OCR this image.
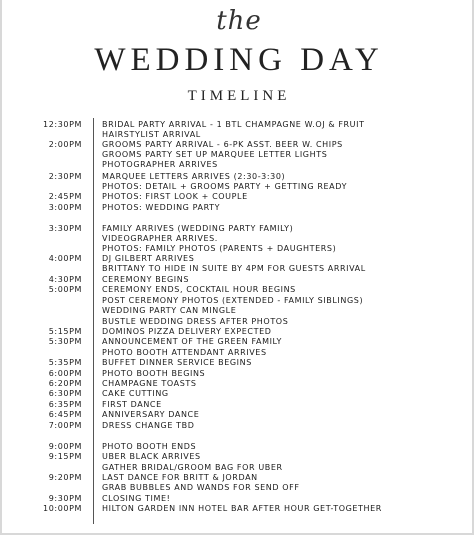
the
WEDDING DAY
TIMELINE
12:30PM	BRIDAL PARTY ARRIVAL - 1 BTL CHAMPAGNE W.OJ & FRUIT
HAIRSTYLIST ARRIVAL
2:00PM	GROOMS PARTY ARRIVAL - 6-PK ASST. BEER W. CHIPS
GROOMS PARTY SET UP MARQUEE LETTER LIGHTS
PHOTOGRAPHER ARRIVES
2:30PM	MARQUEE LETTERS ARRIVES (2:30-3:30)
PHOTOS: DETAIL + GROOMS PARTY + GETTING READY
2:45PM	PHOTOS: FIRST LOOK + COUPLE
3:00PM	PHOTOS: WEDDING PARTY
3:30PM	FAMILY ARRIVES (WEDDING PARTY FAMILY)
VIDEOGRAPHER ARRIVES.
PHOTOS: FAMILY PHOTOS (PARENTS + DAUGHTERS)
4:00PM	DJ GILBERT ARRIVES
BRITTANY TO HIDE IN SUITE BY 4PM FOR GUESTS ARRIVAL
4:30PM	CEREMONY BEGINS
5:00PM	CEREMONY ENDS, COCKTAIL HOUR BEGINS
POST CEREMONY PHOTOS (EXTENDED - FAMILY SIBLINGS)
WEDDING PARTY CAN MINGLE
BUSTLE WEDDING DRESS AFTER PHOTOS
5:15PM	DOMINOS PIZZA DELIVERY EXPECTED
5:30PM	ANNOUNCEMENT OF THE GREEN FAMILY
PHOTO BOOTH ATTENDANT ARRIVES
5:35PM	BUFFET DINNER SERVICE BEGINS
6:00PM	PHOTO BOOTH BEGINS
6:20PM	CHAMPAGNE TOASTS
6:30PM	CAKE CUTTING
6:35PM	FIRST DANCE
6:45PM	ANNIVERSARY DANCE
7:00PM	DRESS CHANGE TBD
9:00PM	PHOTO BOOTH ENDS
9:15PM	UBER BLACK ARRIVES
GATHER BRIDAL/GROOM BAG FOR UBER
9:20PM	LAST DANCE FOR BRITT & JORDAN
GRAB BUBBLES AND WANDS FOR SEND OFF
9:30PM	CLOSING TIME!
10:00PM	HILTON GARDEN INN HOTEL BAR AFTER HOUR GET-TOGETHER
